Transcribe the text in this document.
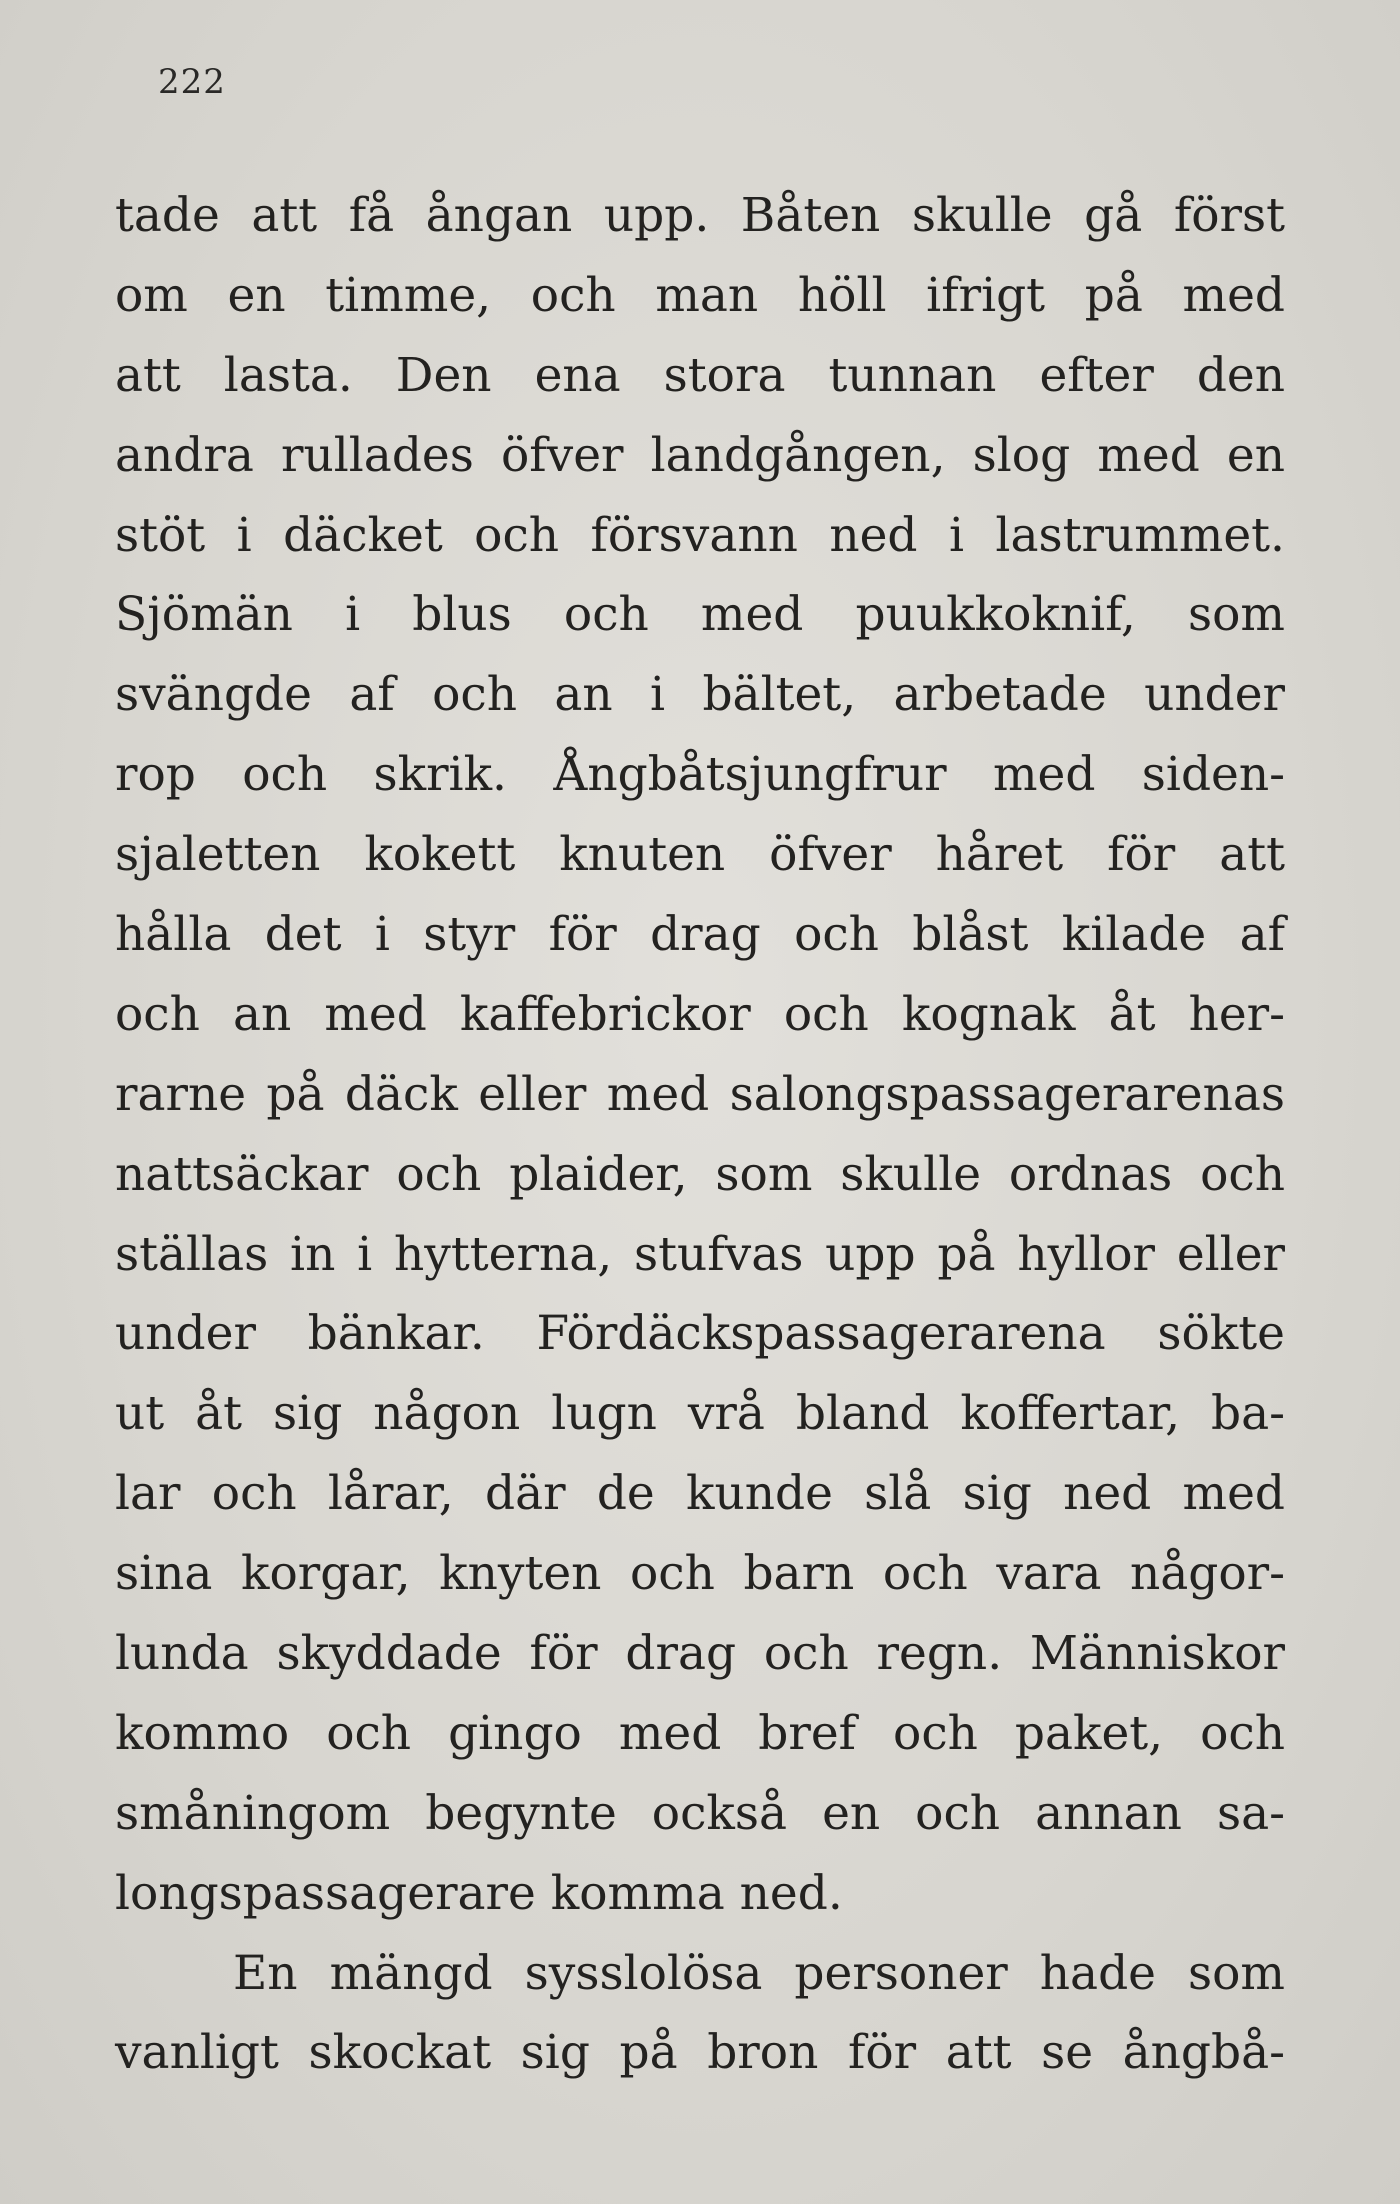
222
tade att få ångan upp. Båten skulle gå först
om en timme, och man höll ifrigt på med
att lasta. Den ena stora tunnan efter den
andra rullades öfver landgången, slog med en
stöt i däcket och försvann ned i lastrummet.
Sjömän i blus och med puukkoknif, som
svängde af och an i bältet, arbetade under
rop och skrik. Ångbåtsjungfrur med siden-
sjaletten kokett knuten öfver håret för att
hålla det i styr för drag och blåst kilade af
och an med kaffebrickor och kognak åt her-
rarne på däck eller med salongspassagerarenas
nattsäckar och plaider, som skulle ordnas och
ställas in i hytterna, stufvas upp på hyllor eller
under bänkar. Fördäckspassagerarena sökte
ut åt sig någon lugn vrå bland koffertar, ba-
lar och lårar, där de kunde slå sig ned med
sina korgar, knyten och barn och vara någor-
lunda skyddade för drag och regn. Människor
kommo och gingo med bref och paket, och
småningom begynte också en och annan sa-
longspassagerare komma ned.
En mängd sysslolösa personer hade som
vanligt skockat sig på bron för att se ångbå-
